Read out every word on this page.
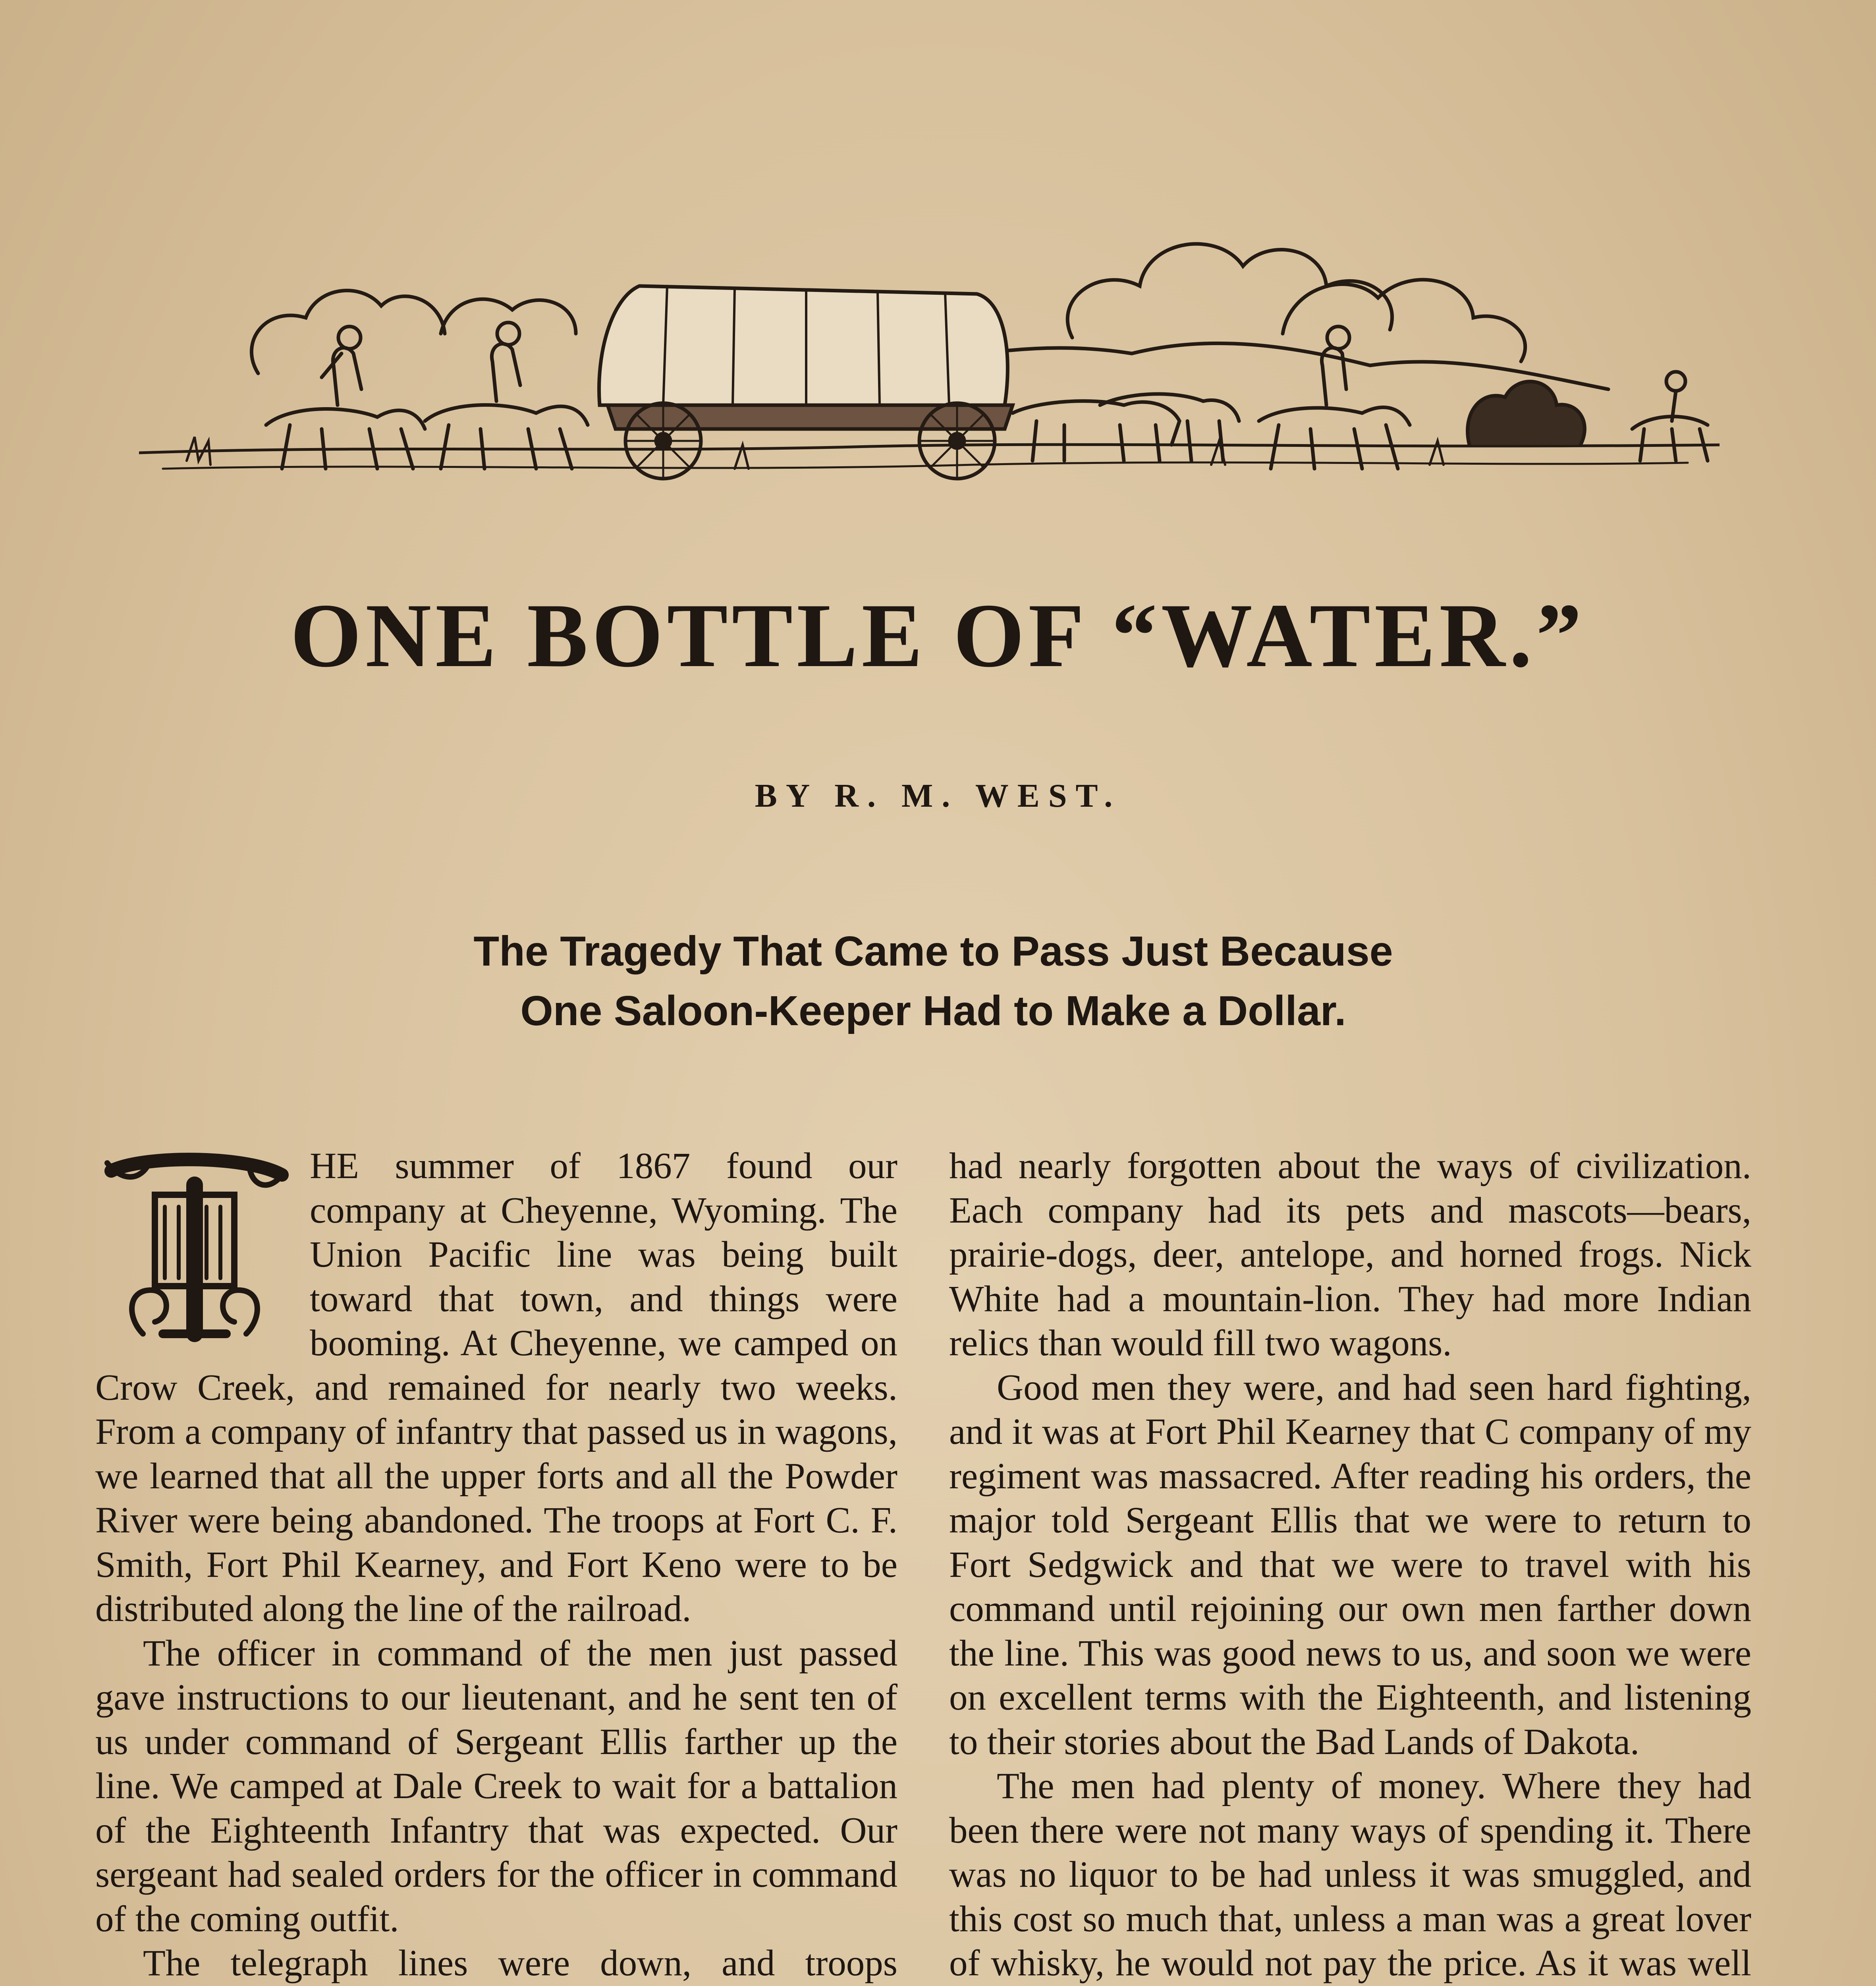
ONE BOTTLE OF “WATER.”
BY R. M. WEST.
The Tragedy That Came to Pass Just Because
One Saloon-Keeper Had to Make a Dollar.

HE summer of 1867 found our company at Cheyenne, Wyoming. The Union Pacific line was being built toward that town, and things were booming. At Cheyenne, we camped on Crow Creek, and remained for nearly two weeks. From a company of infantry that passed us in wagons, we learned that all the upper forts and all the Powder River were being abandoned. The troops at Fort C. F. Smith, Fort Phil Kearney, and Fort Keno were to be distributed along the line of the railroad.

The officer in command of the men just passed gave instructions to our lieutenant, and he sent ten of us under command of Sergeant Ellis farther up the line. We camped at Dale Creek to wait for a battalion of the Eighteenth Infantry that was expected. Our sergeant had sealed orders for the officer in command of the coming outfit.

The telegraph lines were down, and troops

had nearly forgotten about the ways of civilization. Each company had its pets and mascots—bears, prairie-dogs, deer, antelope, and horned frogs. Nick White had a mountain-lion. They had more Indian relics than would fill two wagons.

Good men they were, and had seen hard fighting, and it was at Fort Phil Kearney that C company of my regiment was massacred. After reading his orders, the major told Sergeant Ellis that we were to return to Fort Sedgwick and that we were to travel with his command until rejoining our own men farther down the line. This was good news to us, and soon we were on excellent terms with the Eighteenth, and listening to their stories about the Bad Lands of Dakota.

The men had plenty of money. Where they had been there were not many ways of spending it. There was no liquor to be had unless it was smuggled, and this cost so much that, unless a man was a great lover of whisky, he would not pay the price. As it was well
